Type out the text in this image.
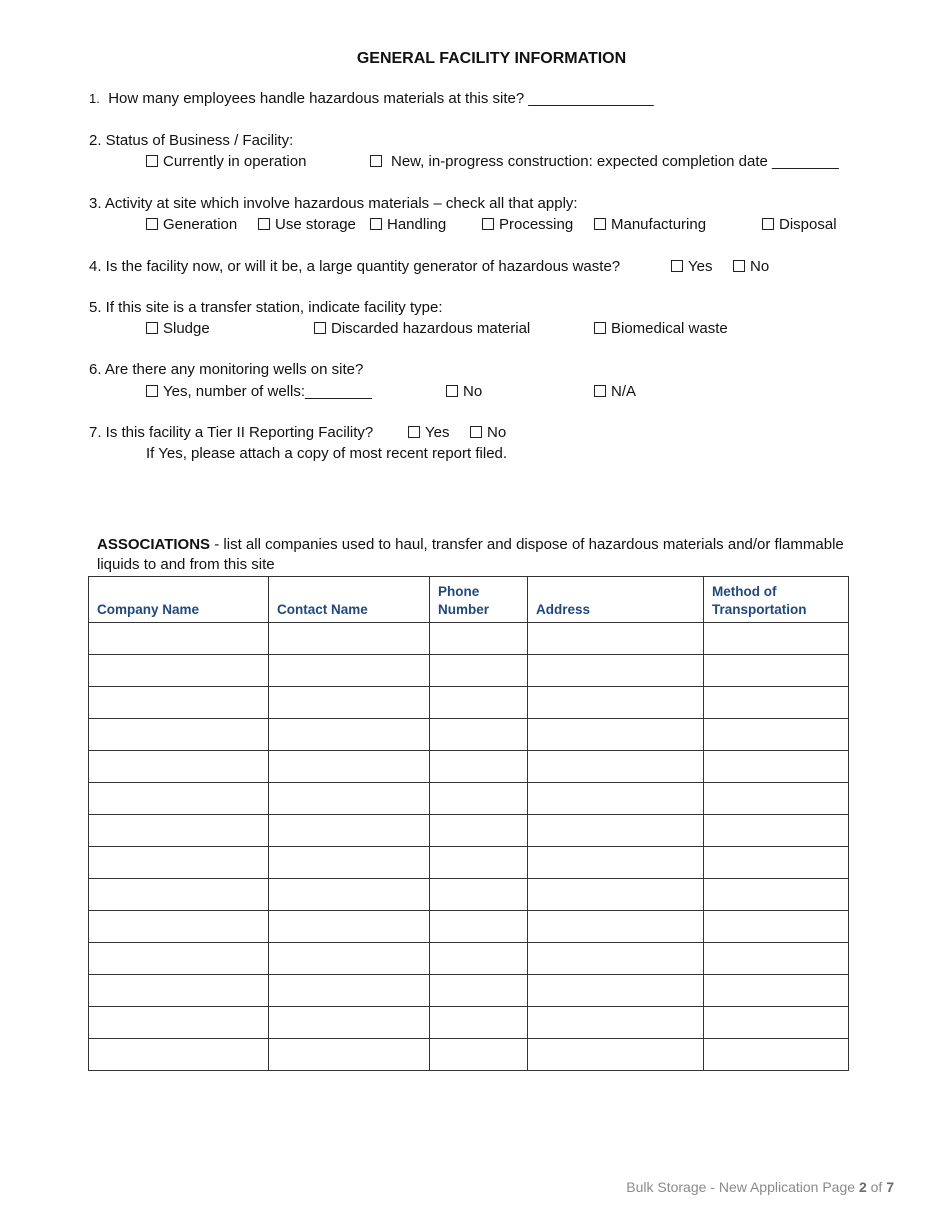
GENERAL FACILITY INFORMATION
1. How many employees handle hazardous materials at this site? _______________
2. Status of Business / Facility:
Currently in operation	New, in-progress construction: expected completion date ________
3. Activity at site which involve hazardous materials – check all that apply:
Generation	Use storage	Handling	Processing	Manufacturing	Disposal
4. Is the facility now, or will it be, a large quantity generator of hazardous waste?	Yes	No
5. If this site is a transfer station, indicate facility type:
Sludge	Discarded hazardous material	Biomedical waste
6. Are there any monitoring wells on site?
Yes, number of wells:________	No	N/A
7. Is this facility a Tier II Reporting Facility?	Yes	No
If Yes, please attach a copy of most recent report filed.
ASSOCIATIONS - list all companies used to haul, transfer and dispose of hazardous materials and/or flammable liquids to and from this site
Company Name	Contact Name	Phone Number	Address	Method of Transportation

Bulk Storage - New Application Page 2 of 7
